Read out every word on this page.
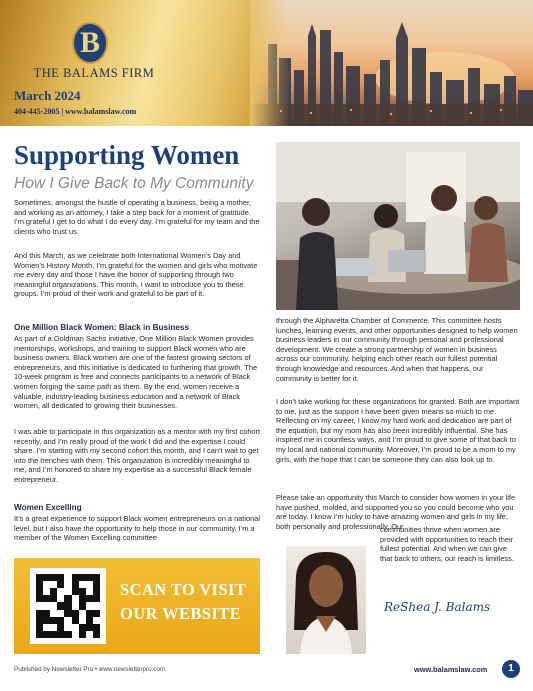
B
THE BALAMS FIRM
March 2024
404-445-2005 | www.balamslaw.com
Supporting Women
How I Give Back to My Community

Sometimes, amongst the hustle of operating a business, being a mother, and working as an attorney, I take a step back for a moment of gratitude. I’m grateful I get to do what I do every day. I’m grateful for my team and the clients who trust us.

And this March, as we celebrate both International Women’s Day and Women’s History Month, I’m grateful for the women and girls who motivate me every day and those I have the honor of supporting through two meaningful organizations. This month, I want to introduce you to these groups. I’m proud of their work and grateful to be part of it.

One Million Black Women: Black in Business

As part of a Goldman Sachs initiative, One Million Black Women provides mentorships, workshops, and training to support Black women who are business owners. Black women are one of the fastest growing sectors of entrepreneurs, and this initiative is dedicated to furthering that growth. The 10-week program is free and connects participants to a network of Black women forging the same path as them. By the end, women receive a valuable, industry-leading business education and a network of Black women, all dedicated to growing their businesses.

I was able to participate in this organization as a mentor with my first cohort recently, and I’m really proud of the work I did and the expertise I could share. I’m starting with my second cohort this month, and I can’t wait to get into the trenches with them. This organization is incredibly meaningful to me, and I’m honored to share my expertise as a successful Black female entrepreneur.

Women Excelling

It’s a great experience to support Black women entrepreneurs on a national level, but I also have the opportunity to help those in our community. I’m a member of the Women Excelling committee

through the Alpharetta Chamber of Commerce. This committee hosts lunches, learning events, and other opportunities designed to help women business leaders in our community through personal and professional development. We create a strong partnership of women in business across our community, helping each other reach our fullest potential through knowledge and resources. And when that happens, our community is better for it.

I don’t take working for these organizations for granted. Both are important to me, just as the support I have been given means so much to me. Reflecting on my career, I know my hard work and dedication are part of the equation, but my mom has also been incredibly influential. She has inspired me in countless ways, and I’m proud to give some of that back to my local and national community. Moreover, I’m proud to be a mom to my girls, with the hope that I can be someone they can also look up to.

Please take an opportunity this March to consider how women in your life have pushed, molded, and supported you so you could become who you are today. I know I’m lucky to have amazing women and girls in my life, both personally and professionally. Our

communities thrive when women are provided with opportunities to reach their fullest potential. And when we can give that back to others, our reach is limitless.

SCAN TO VISIT
OUR WEBSITE	ReShea J. Balams
Published by Newsletter Pro • www.newsletterpro.com	www.balamslaw.com	1
